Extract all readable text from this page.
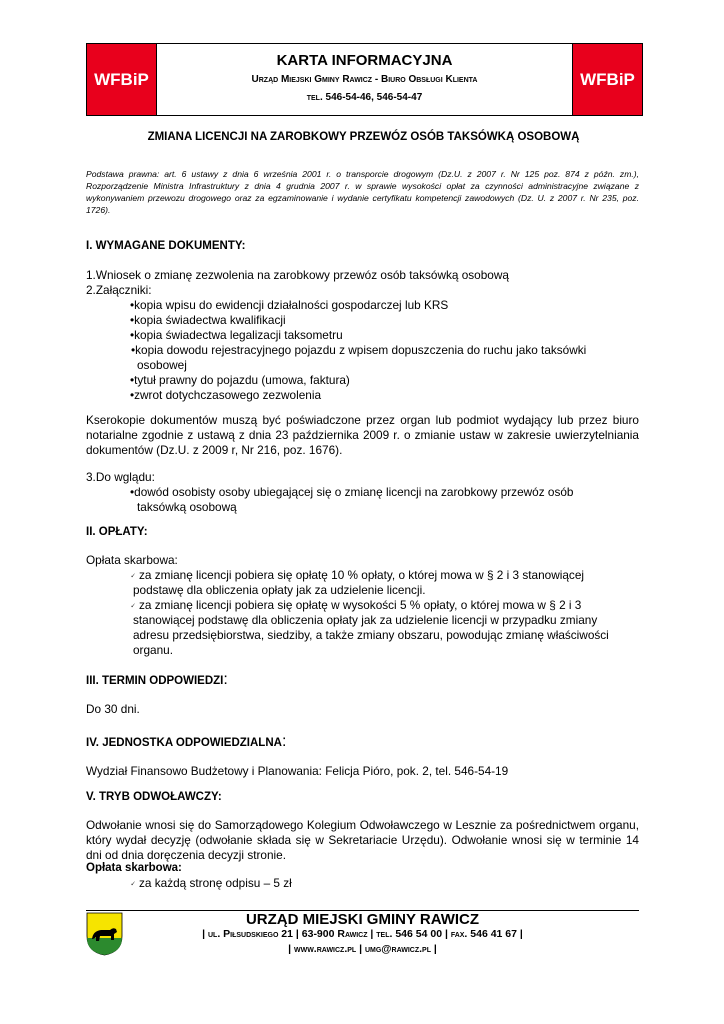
WFBiP
KARTA INFORMACYJNA
Urząd Miejski Gminy Rawicz - Biuro Obsługi Klienta
tel. 546-54-46, 546-54-47
WFBiP
ZMIANA LICENCJI NA ZAROBKOWY PRZEWÓZ OSÓB TAKSÓWKĄ OSOBOWĄ
Podstawa prawna: art. 6 ustawy z dnia 6 września 2001 r. o transporcie drogowym (Dz.U. z 2007 r. Nr 125 poz. 874 z późn. zm.), Rozporządzenie Ministra Infrastruktury z dnia 4 grudnia 2007 r. w sprawie wysokości opłat za czynności administracyjne związane z wykonywaniem przewozu drogowego oraz za egzaminowanie i wydanie certyfikatu kompetencji zawodowych (Dz. U. z 2007 r. Nr 235, poz. 1726).
I. WYMAGANE DOKUMENTY:
1.Wniosek o zmianę zezwolenia na zarobkowy przewóz osób taksówką osobową
2.Załączniki:
•kopia wpisu do ewidencji działalności gospodarczej lub KRS
•kopia świadectwa kwalifikacji
•kopia świadectwa legalizacji taksometru
•kopia dowodu rejestracyjnego pojazdu z wpisem dopuszczenia do ruchu jako taksówki
osobowej
•tytuł prawny do pojazdu (umowa, faktura)
•zwrot dotychczasowego zezwolenia
Kserokopie dokumentów muszą być poświadczone przez organ lub podmiot wydający lub przez biuro notarialne zgodnie z ustawą z dnia 23 października 2009 r. o zmianie ustaw w zakresie uwierzytelniania dokumentów (Dz.U. z 2009 r, Nr 216, poz. 1676).
3.Do wglądu:
•dowód osobisty osoby ubiegającej się o zmianę licencji na zarobkowy przewóz osób
taksówką osobową
II. OPŁATY:
Opłata skarbowa:
🗸 za zmianę licencji pobiera się opłatę 10 % opłaty, o której mowa w § 2 i 3 stanowiącej
podstawę dla obliczenia opłaty jak za udzielenie licencji.
🗸 za zmianę licencji pobiera się opłatę w wysokości 5 % opłaty, o której mowa w § 2 i 3
stanowiącej podstawę dla obliczenia opłaty jak za udzielenie licencji w przypadku zmiany
adresu przedsiębiorstwa, siedziby, a także zmiany obszaru, powodując zmianę właściwości
organu.
III. TERMIN ODPOWIEDZI:
Do 30 dni.
IV. JEDNOSTKA ODPOWIEDZIALNA:
Wydział Finansowo Budżetowy i Planowania: Felicja Pióro, pok. 2, tel. 546-54-19
V. TRYB ODWOŁAWCZY:
Odwołanie wnosi się do Samorządowego Kolegium Odwoławczego w Lesznie za pośrednictwem organu, który wydał decyzję (odwołanie składa się w Sekretariacie Urzędu). Odwołanie wnosi się w terminie 14 dni od dnia doręczenia decyzji stronie.
Opłata skarbowa:
🗸 za każdą stronę odpisu – 5 zł
URZĄD MIEJSKI GMINY RAWICZ
| ul. Piłsudskiego 21 | 63-900 Rawicz | tel. 546 54 00 | fax. 546 41 67 |
| www.rawicz.pl | umg@rawicz.pl |
